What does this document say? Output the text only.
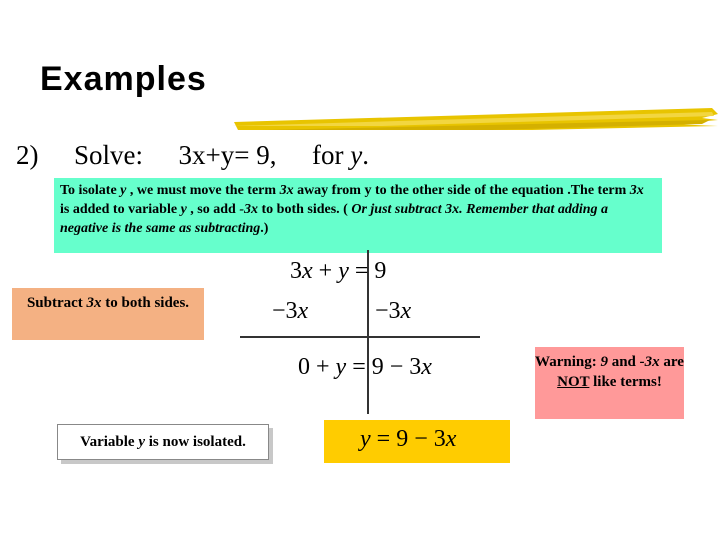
Examples
2) Solve: 3x+y= 9, for y.
To isolate y , we must move the term 3x away from y to the other side of the equation .The term 3x is added to variable y , so add -3x to both sides. ( Or just subtract 3x. Remember that adding a negative is the same as subtracting.)
Subtract 3x to both sides.
3x + y = 9
−3x	−3x
0 + y = 9 − 3x	Warning: 9 and -3x are NOT like terms!
Variable y is now isolated.	y = 9 − 3x
